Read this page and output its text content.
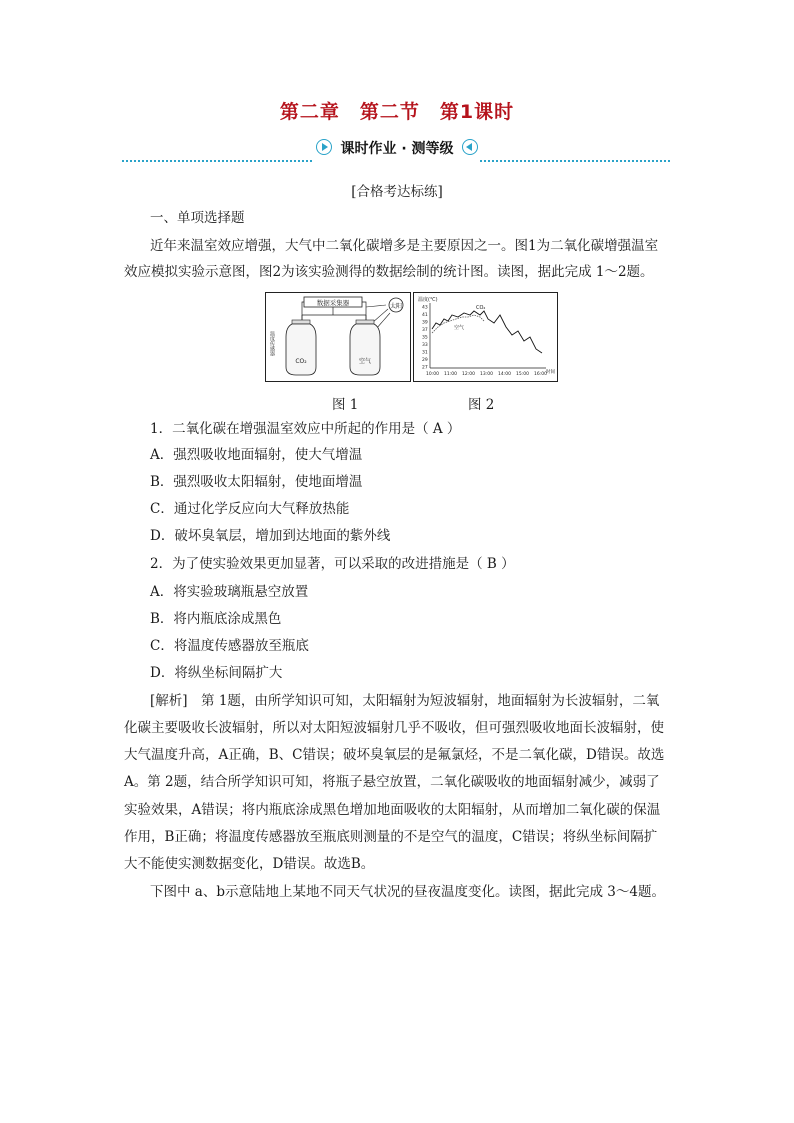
第二章　第二节　第1课时
课时作业 · 测等级
[合格考达标练]
一、单项选择题
近年来温室效应增强，大气中二氧化碳增多是主要原因之一。图1为二氧化碳增强温室
效应模拟实验示意图，图2为该实验测得的数据绘制的统计图。读图，据此完成 1～2题。
数据采集器	太阳
温度传感器
CO₂	空气
温度(℃)
43
41
39
37
35
33
31
29
27
10:00 11:00 12:00 13:00 14:00 15:00 16:00 时间
CO₂
空气
图 1	图 2
1．二氧化碳在增强温室效应中所起的作用是（ A ）
A．强烈吸收地面辐射，使大气增温
B．强烈吸收太阳辐射，使地面增温
C．通过化学反应向大气释放热能
D．破坏臭氧层，增加到达地面的紫外线
2．为了使实验效果更加显著，可以采取的改进措施是（ B ）
A．将实验玻璃瓶悬空放置
B．将内瓶底涂成黑色
C．将温度传感器放至瓶底
D．将纵坐标间隔扩大
[解析]　第 1题，由所学知识可知，太阳辐射为短波辐射，地面辐射为长波辐射，二氧
化碳主要吸收长波辐射，所以对太阳短波辐射几乎不吸收，但可强烈吸收地面长波辐射，使
大气温度升高，A正确，B、C错误；破坏臭氧层的是氟氯烃，不是二氧化碳，D错误。故选
A。第 2题，结合所学知识可知，将瓶子悬空放置，二氧化碳吸收的地面辐射减少，减弱了
实验效果，A错误；将内瓶底涂成黑色增加地面吸收的太阳辐射，从而增加二氧化碳的保温
作用，B正确；将温度传感器放至瓶底则测量的不是空气的温度，C错误；将纵坐标间隔扩
大不能使实测数据变化，D错误。故选B。
下图中 a、b示意陆地上某地不同天气状况的昼夜温度变化。读图，据此完成 3～4题。
